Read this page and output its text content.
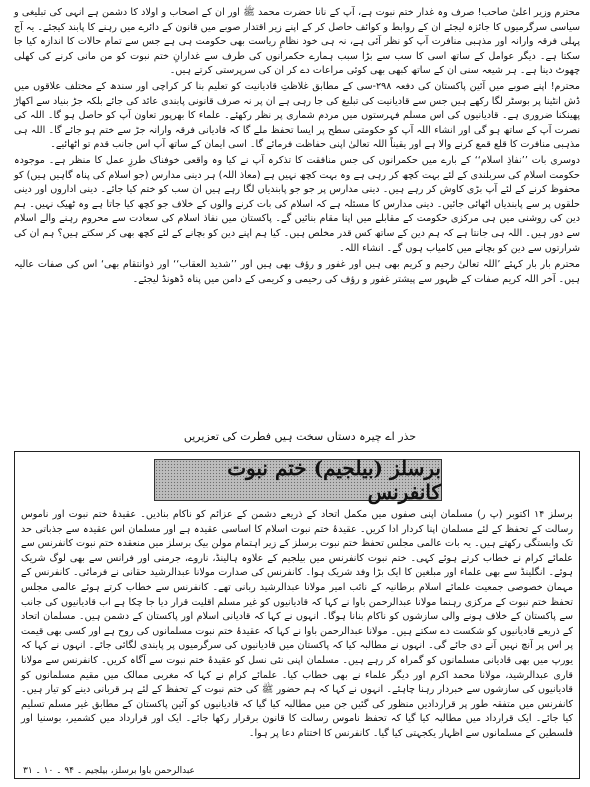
محترم وزیر اعلیٰ صاحب! صرف وہ غدار ختم نبوت ہے، آپ کے نانا حضرت محمد ﷺ اور ان کے اصحاب و اولاد کا دشمن ہے انہی کی تبلیغی و سیاسی سرگرمیوں کا جائزہ لیجئے ان کے روابط و کوائف حاصل کر کے اپنے زیر اقتدار صوبے میں قانون کے دائرے میں رہنے کا پابند کیجئے۔ یہ آج پہلی فرقہ وارانہ اور مذہبی منافرت آپ کو نظر آئی ہے، نہ ہی خود نظامِ ریاست بھی حکومت ہی ہے جس سے تمام حالات کا اندازہ کیا جا سکتا ہے۔ دیگر عوامل کے ساتھ اسی کا سب سے بڑا سبب ہمارے حکمرانوں کی طرف سے غدارانِ ختم نبوت کو من مانی کرنے کی کھلی چھوٹ دینا ہے۔ ہر شیعہ سنی ان کے ساتھ کبھی بھی کوئی مراعات دے کر ان کی سرپرستی کرتے ہیں۔

محترم! اپنے صوبے میں آئین پاکستان کی دفعہ ۲۹۸-سی کے مطابق غلاظتِ قادیانیت کو تعلیم بنا کر کراچی اور سندھ کے مختلف علاقوں میں ڈش انٹینا پر بوسٹر لگا رکھے ہیں جس سے قادیانیت کی تبلیغ کی جا رہی ہے ان پر نہ صرف قانونی پابندی عائد کی جائے بلکہ جڑ بنیاد سے اکھاڑ پھینکنا ضروری ہے۔ قادیانیوں کی اس مسلم فہرستوں میں مردم شماری پر نظر رکھئے۔ علماء کا بھرپور تعاون آپ کو حاصل ہو گا۔ اللہ کی نصرت آپ کے ساتھ ہو گی اور انشاء اللہ آپ کو حکومتی سطح پر ایسا تحفظ ملے گا کہ قادیانی فرقہ وارانہ جڑ سے ختم ہو جائے گا۔ اللہ ہی مذہبی منافرت کا قلع قمع کرنے والا ہے اور یقیناً اللہ تعالیٰ اپنی حفاظت فرمائے گا۔ اسی ایمان کے ساتھ آپ اس جانب قدم تو اٹھائیے۔

دوسری بات ’’نفاذِ اسلام‘‘ کے بارے میں حکمرانوں کی جس منافقت کا تذکرہ آپ نے کیا وہ واقعی خوفناک طرزِ عمل کا منظر ہے۔ موجودہ حکومت اسلام کی سربلندی کے لئے بہت کچھ کر رہی ہے وہ بہت کچھ نہیں ہے (معاذ اللہ) ہر دینی مدارس (جو اسلام کی پناہ گاہیں ہیں) کو محفوظ کرنے کے لئے آپ بڑی کاوش کر رہے ہیں۔ دینی مدارس پر جو جو پابندیاں لگا رہے ہیں ان سب کو ختم کیا جائے۔ دینی اداروں اور دینی حلقوں پر سے پابندیاں اٹھائی جائیں۔ دینی مدارس کا مسئلہ ہے کہ اسلام کی بات کرنے والوں کے خلاف جو کچھ کیا جاتا ہے وہ ٹھیک نہیں۔ ہم دین کی روشنی میں ہی مرکزی حکومت کے مقابلے میں اپنا مقام بنائیں گے۔ پاکستان میں نفاذ اسلام کی سعادت سے محروم رہنے والے اسلام سے دور ہیں۔ اللہ ہی جانتا ہے کہ ہم دین کے ساتھ کس قدر مخلص ہیں۔ کیا ہم اپنے دین کو بچانے کے لئے کچھ بھی کر سکتے ہیں؟ ہم ان کی شرارتوں سے دین کو بچانے میں کامیاب ہوں گے۔ انشاء اللہ۔

محترم بار بار کہئے ’اللہ تعالیٰ رحیم و کریم بھی ہیں اور غفور و رؤف بھی ہیں اور ’’شدید العقاب‘‘ اور ذوانتقام بھی‘ اس کی صفات عالیہ ہیں۔ آخر اللہ کریم صفات کے ظہور سے پیشتر غفور و رؤف کی رحیمی و کریمی کے دامن میں پناہ ڈھونڈ لیجئے۔

حذر اے چیرہ دستاں سخت ہیں فطرت کی تعزیریں
برسلز (بیلجیم) ختم نبوت کانفرنس

برسلز ۱۴ اکتوبر (پ ر) مسلمان اپنی صفوں میں مکمل اتحاد کے ذریعے دشمن کے عزائم کو ناکام بنادیں۔ عقیدۂ ختم نبوت اور ناموس رسالت کے تحفظ کے لئے مسلمان اپنا کردار ادا کریں۔ عقیدۂ ختم نبوت اسلام کا اساسی عقیدہ ہے اور مسلمان اس عقیدہ سے جذباتی حد تک وابستگی رکھتے ہیں۔ یہ بات عالمی مجلس تحفظ ختم نبوت برسلز کے زیر اہتمام مولن بیک برسلز میں منعقدہ ختم نبوت کانفرنس سے علمائے کرام نے خطاب کرتے ہوئے کہی۔ ختم نبوت کانفرنس میں بیلجیم کے علاوہ ہالینڈ، ناروے، جرمنی اور فرانس سے بھی لوگ شریک ہوئے۔ انگلینڈ سے بھی علماء اور مبلغین کا ایک بڑا وفد شریک ہوا۔ کانفرنس کی صدارت مولانا عبدالرشید حقانی نے فرمائی۔ کانفرنس کے مہمان خصوصی جمعیت علمائے اسلام برطانیہ کے نائب امیر مولانا عبدالرشید ربانی تھے۔ کانفرنس سے خطاب کرتے ہوئے عالمی مجلس تحفظ ختم نبوت کے مرکزی رہنما مولانا عبدالرحمن باوا نے کہا کہ قادیانیوں کو غیر مسلم اقلیت قرار دیا جا چکا ہے اب قادیانیوں کی جانب سے پاکستان کے خلاف ہونے والی سازشوں کو ناکام بنانا ہوگا۔ انہوں نے کہا کہ قادیانی اسلام اور پاکستان کے دشمن ہیں۔ مسلمان اتحاد کے ذریعے قادیانیوں کو شکست دے سکتے ہیں۔ مولانا عبدالرحمن باوا نے کہا کہ عقیدۂ ختم نبوت مسلمانوں کی روح ہے اور کسی بھی قیمت پر اس پر آنچ نہیں آنے دی جائے گی۔ انہوں نے مطالبہ کیا کہ پاکستان میں قادیانیوں کی سرگرمیوں پر پابندی لگائی جائے۔ انہوں نے کہا کہ یورپ میں بھی قادیانی مسلمانوں کو گمراہ کر رہے ہیں۔ مسلمان اپنی نئی نسل کو عقیدۂ ختم نبوت سے آگاہ کریں۔ کانفرنس سے مولانا قاری عبدالرشید، مولانا محمد اکرم اور دیگر علماء نے بھی خطاب کیا۔ علمائے کرام نے کہا کہ مغربی ممالک میں مقیم مسلمانوں کو قادیانیوں کی سازشوں سے خبردار رہنا چاہئے۔ انہوں نے کہا کہ ہم حضور ﷺ کی ختم نبوت کے تحفظ کے لئے ہر قربانی دینے کو تیار ہیں۔ کانفرنس میں متفقہ طور پر قراردادیں منظور کی گئیں جن میں مطالبہ کیا گیا کہ قادیانیوں کو آئین پاکستان کے مطابق غیر مسلم تسلیم کیا جائے۔ ایک قرارداد میں مطالبہ کیا گیا کہ تحفظ ناموس رسالت کا قانون برقرار رکھا جائے۔ ایک اور قرارداد میں کشمیر، بوسنیا اور فلسطین کے مسلمانوں سے اظہار یکجہتی کیا گیا۔ کانفرنس کا اختتام دعا پر ہوا۔

عبدالرحمن باوا برسلز، بیلجیم ۔ ۹۴ ۔ ۱۰ ۔ ۳۱
